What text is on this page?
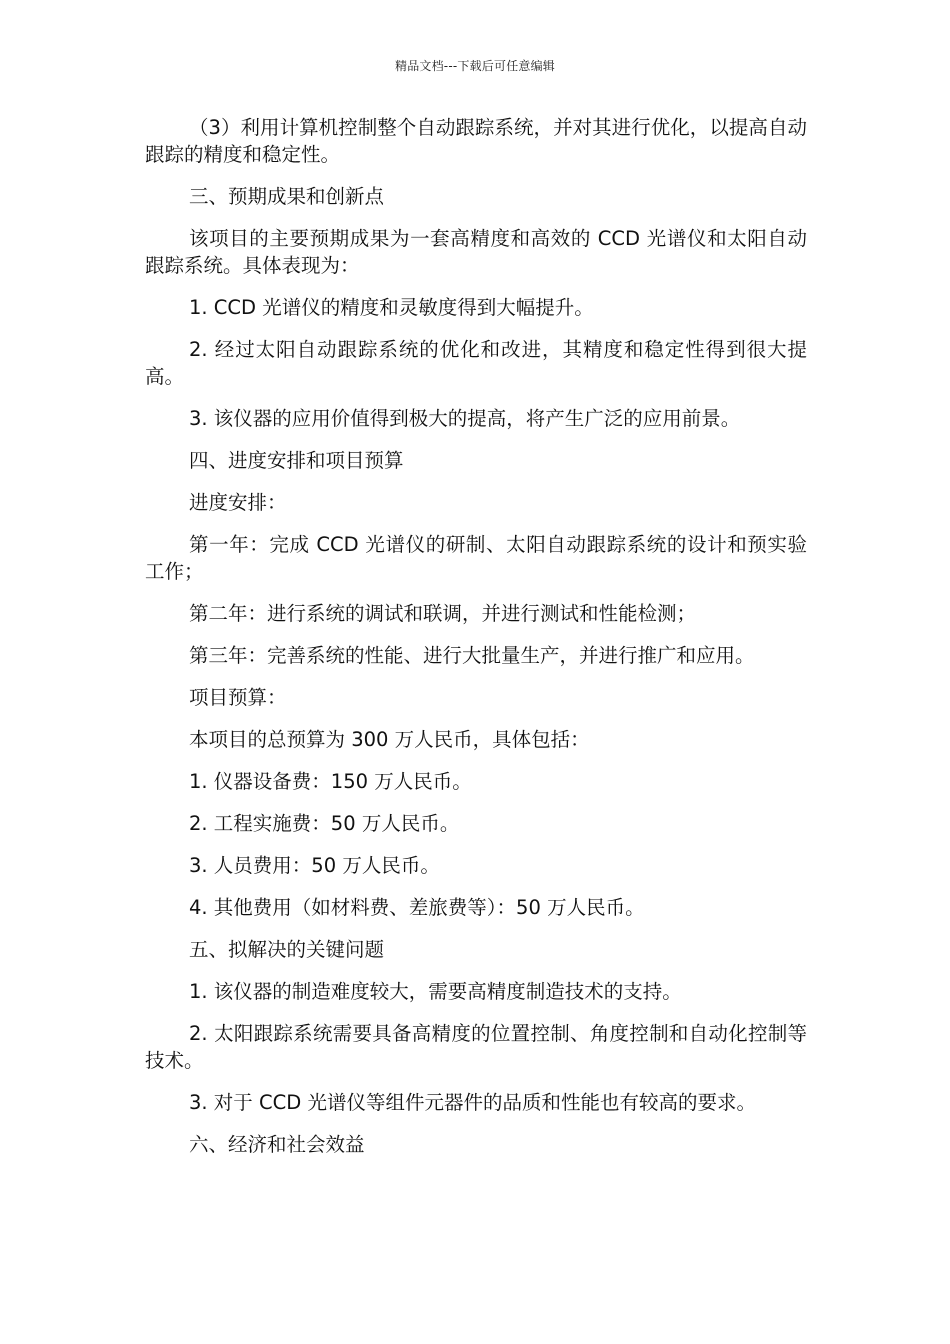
精品文档---下载后可任意编辑

（3）利用计算机控制整个自动跟踪系统，并对其进行优化，以提高自动跟踪的精度和稳定性。

三、预期成果和创新点

该项目的主要预期成果为一套高精度和高效的 CCD 光谱仪和太阳自动跟踪系统。具体表现为：

1. CCD 光谱仪的精度和灵敏度得到大幅提升。

2. 经过太阳自动跟踪系统的优化和改进，其精度和稳定性得到很大提高。

3. 该仪器的应用价值得到极大的提高，将产生广泛的应用前景。

四、进度安排和项目预算

进度安排：

第一年：完成 CCD 光谱仪的研制、太阳自动跟踪系统的设计和预实验工作；

第二年：进行系统的调试和联调，并进行测试和性能检测；

第三年：完善系统的性能、进行大批量生产，并进行推广和应用。

项目预算：

本项目的总预算为 300 万人民币，具体包括：

1. 仪器设备费：150 万人民币。

2. 工程实施费：50 万人民币。

3. 人员费用：50 万人民币。

4. 其他费用（如材料费、差旅费等）：50 万人民币。

五、拟解决的关键问题

1. 该仪器的制造难度较大，需要高精度制造技术的支持。

2. 太阳跟踪系统需要具备高精度的位置控制、角度控制和自动化控制等技术。

3. 对于 CCD 光谱仪等组件元器件的品质和性能也有较高的要求。

六、经济和社会效益
